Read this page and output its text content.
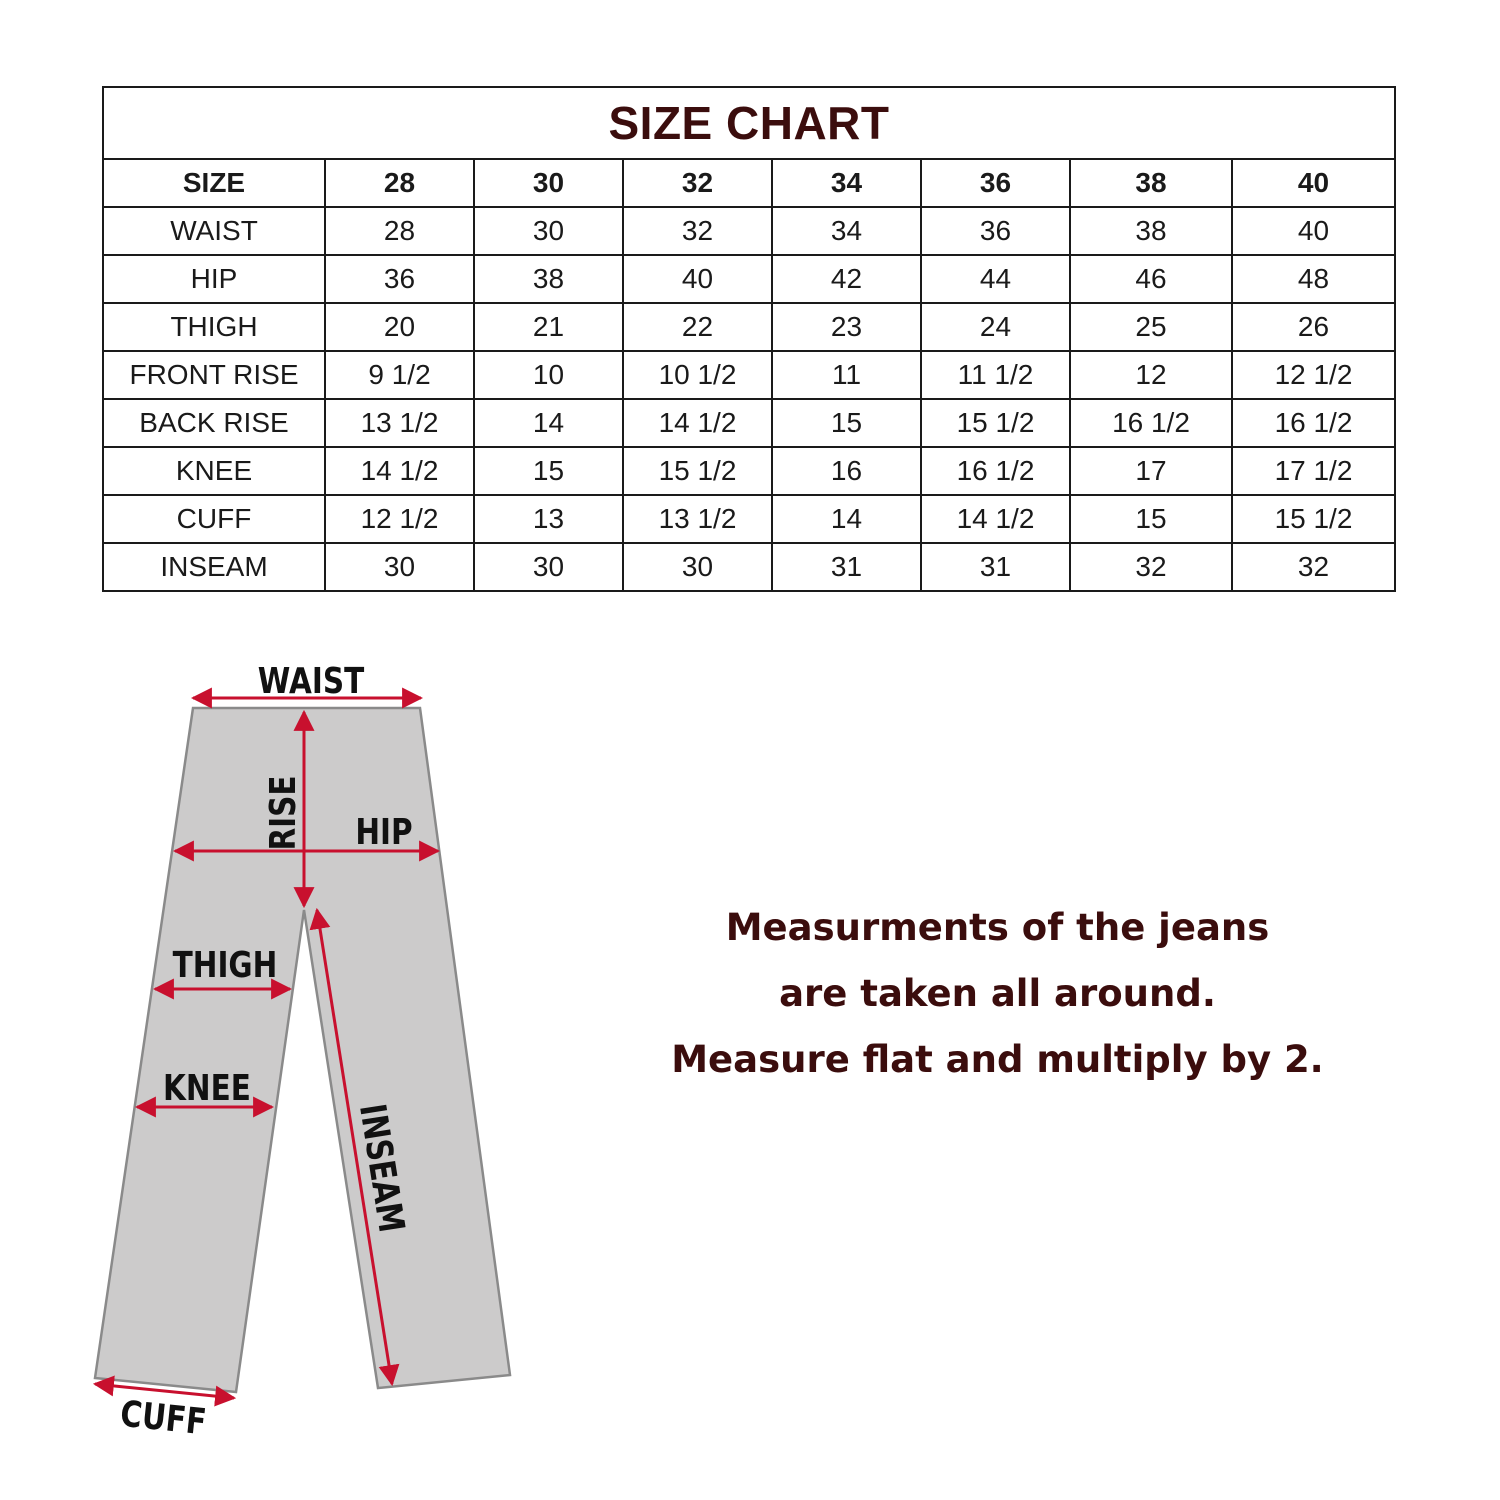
SIZE CHART							
SIZE	28	30	32	34	36	38	40
WAIST	28	30	32	34	36	38	40
HIP	36	38	40	42	44	46	48
THIGH	20	21	22	23	24	25	26
FRONT RISE	9 1/2	10	10 1/2	11	11 1/2	12	12 1/2
BACK RISE	13 1/2	14	14 1/2	15	15 1/2	16 1/2	16 1/2
KNEE	14 1/2	15	15 1/2	16	16 1/2	17	17 1/2
CUFF	12 1/2	13	13 1/2	14	14 1/2	15	15 1/2
INSEAM	30	30	30	31	31	32	32
WAIST
RISE HIP
THIGH
KNEE
INSEAM
CUFF
Measurments of the jeans
are taken all around.
Measure flat and multiply by 2.
